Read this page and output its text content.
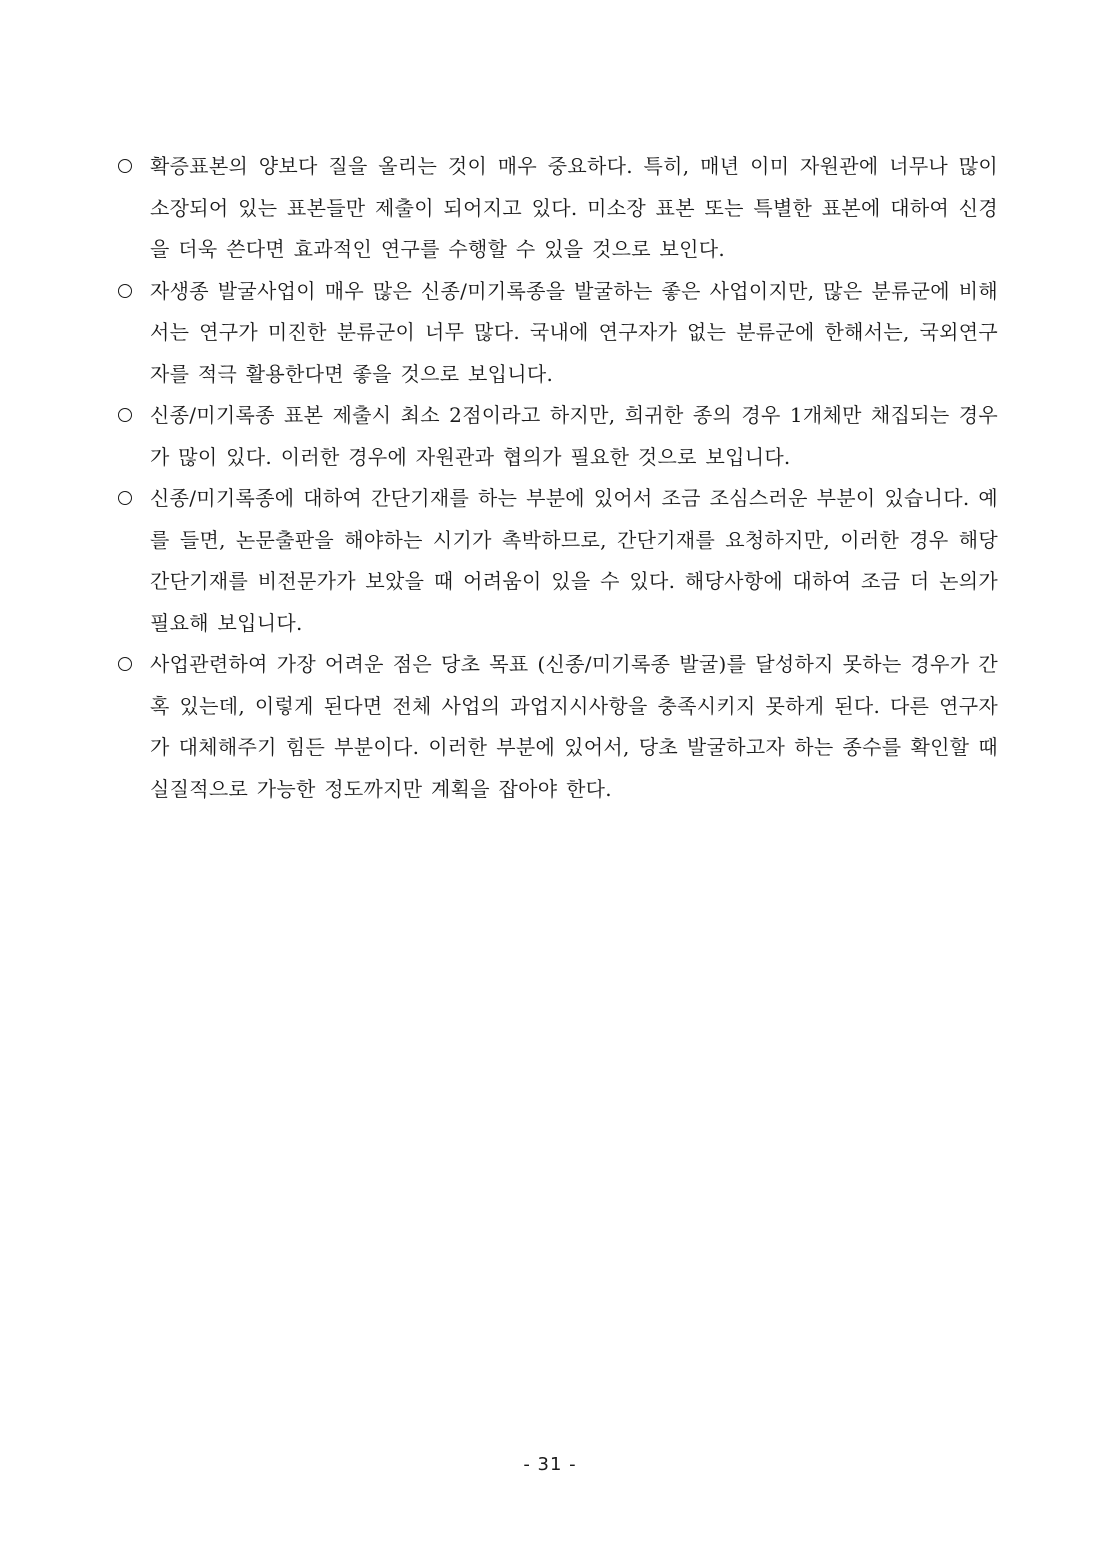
확증표본의 양보다 질을 올리는 것이 매우 중요하다. 특히, 매년 이미 자원관에 너무나 많이 소장되어 있는 표본들만 제출이 되어지고 있다. 미소장 표본 또는 특별한 표본에 대하여 신경을 더욱 쓴다면 효과적인 연구를 수행할 수 있을 것으로 보인다.
자생종 발굴사업이 매우 많은 신종/미기록종을 발굴하는 좋은 사업이지만, 많은 분류군에 비해서는 연구가 미진한 분류군이 너무 많다. 국내에 연구자가 없는 분류군에 한해서는, 국외연구자를 적극 활용한다면 좋을 것으로 보입니다.
신종/미기록종 표본 제출시 최소 2점이라고 하지만, 희귀한 종의 경우 1개체만 채집되는 경우가 많이 있다. 이러한 경우에 자원관과 협의가 필요한 것으로 보입니다.
신종/미기록종에 대하여 간단기재를 하는 부분에 있어서 조금 조심스러운 부분이 있습니다. 예를 들면, 논문출판을 해야하는 시기가 촉박하므로, 간단기재를 요청하지만, 이러한 경우 해당 간단기재를 비전문가가 보았을 때 어려움이 있을 수 있다. 해당사항에 대하여 조금 더 논의가 필요해 보입니다.
사업관련하여 가장 어려운 점은 당초 목표 (신종/미기록종 발굴)를 달성하지 못하는 경우가 간혹 있는데, 이렇게 된다면 전체 사업의 과업지시사항을 충족시키지 못하게 된다. 다른 연구자가 대체해주기 힘든 부분이다. 이러한 부분에 있어서, 당초 발굴하고자 하는 종수를 확인할 때 실질적으로 가능한 정도까지만 계획을 잡아야 한다.
- 31 -
